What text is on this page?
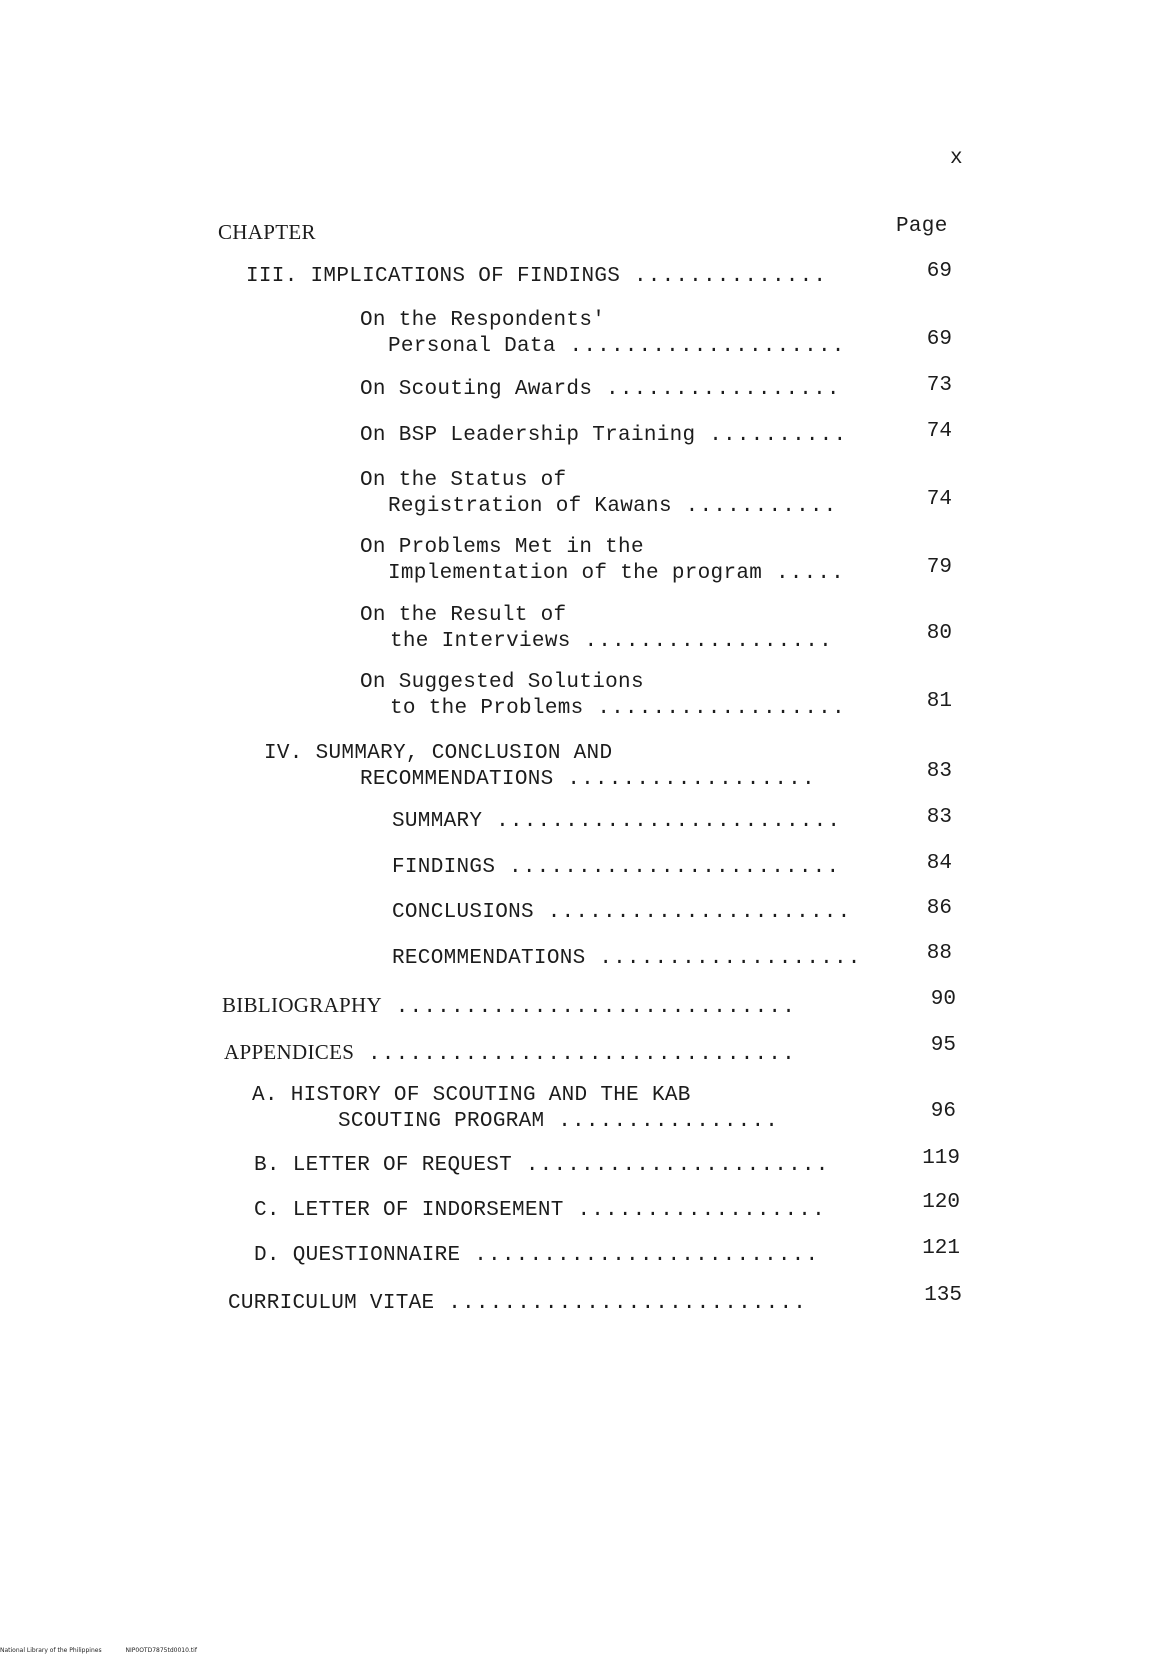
x
CHAPTER	Page
III. IMPLICATIONS OF FINDINGS ..............	69
On the Respondents'
Personal Data ....................	69
On Scouting Awards .................	73
On BSP Leadership Training ..........	74
On the Status of
Registration of Kawans ...........	74
On Problems Met in the
Implementation of the program .....	79
On the Result of
the Interviews ..................	80
On Suggested Solutions
to the Problems ..................	81
IV. SUMMARY, CONCLUSION AND
RECOMMENDATIONS ..................	83
SUMMARY .........................	83
FINDINGS ........................	84
CONCLUSIONS ......................	86
RECOMMENDATIONS ...................	88
BIBLIOGRAPHY .............................	90
APPENDICES ...............................	95
A. HISTORY OF SCOUTING AND THE KAB
SCOUTING PROGRAM ................	96
B. LETTER OF REQUEST ......................	119
C. LETTER OF INDORSEMENT ..................	120
D. QUESTIONNAIRE .........................	121
CURRICULUM VITAE ..........................	135
National Library of the Philippines	NIP0OTD7875td0010.tif
